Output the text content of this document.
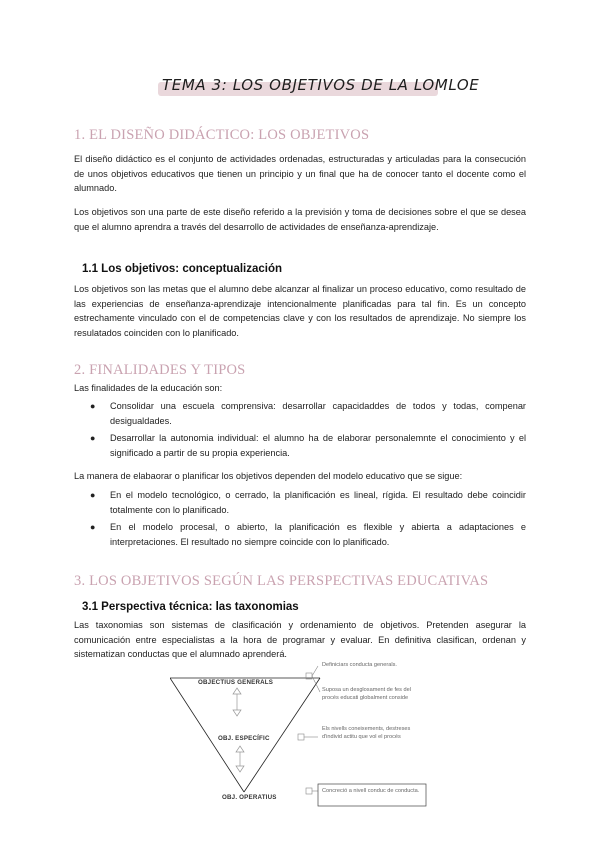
TEMA 3: LOS OBJETIVOS DE LA LOMLOE
1. EL DISEÑO DIDÁCTICO: LOS OBJETIVOS
El diseño didáctico es el conjunto de actividades ordenadas, estructuradas y articuladas para la consecución de unos objetivos educativos que tienen un principio y un final que ha de conocer tanto el docente como el alumnado.
Los objetivos son una parte de este diseño referido a la previsión y toma de decisiones sobre el que se desea que el alumno aprendra a través del desarrollo de actividades de enseñanza-aprendizaje.
1.1 Los objetivos: conceptualización
Los objetivos son las metas que el alumno debe alcanzar al finalizar un proceso educativo, como resultado de las experiencias de enseñanza-aprendizaje intencionalmente planificadas para tal fin. Es un concepto estrechamente vinculado con el de competencias clave y con los resultados de aprendizaje. No siempre los resulatados coinciden con lo planificado.
2. FINALIDADES Y TIPOS
Las finalidades de la educación son:
● Consolidar una escuela comprensiva: desarrollar capacidaddes de todos y todas, compenar desigualdades.
● Desarrollar la autonomia individual: el alumno ha de elaborar personalemnte el conocimiento y el significado a partir de su propia experiencia.
La manera de elabaorar o planificar los objetivos dependen del modelo educativo que se sigue:
● En el modelo tecnológico, o cerrado, la planificación es lineal, rígida. El resultado debe coincidir totalmente con lo planificado.
● En el modelo procesal, o abierto, la planificación es flexible y abierta a adaptaciones e interpretaciones. El resultado no siempre coincide con lo planificado.
3. LOS OBJETIVOS SEGÚN LAS PERSPECTIVAS EDUCATIVAS
3.1 Perspectiva técnica: las taxonomias
Las taxonomias son sistemas de clasificación y ordenamiento de objetivos. Pretenden asegurar la comunicación entre especialistas a la hora de programar y evaluar. En definitiva clasifican, ordenan y sistematizan conductas que el alumnado aprenderá.
OBJECTIUS GENERALS
OBJ. ESPECÍFIC
OBJ. OPERATIUS
Definiciars conducta generals.
Suposa un desglosament de fes del procés educati globalment conside
Els nivells coneixements, destreses d'individ actitu que vol el procés
Concreció a nivell conduc de conducta.
